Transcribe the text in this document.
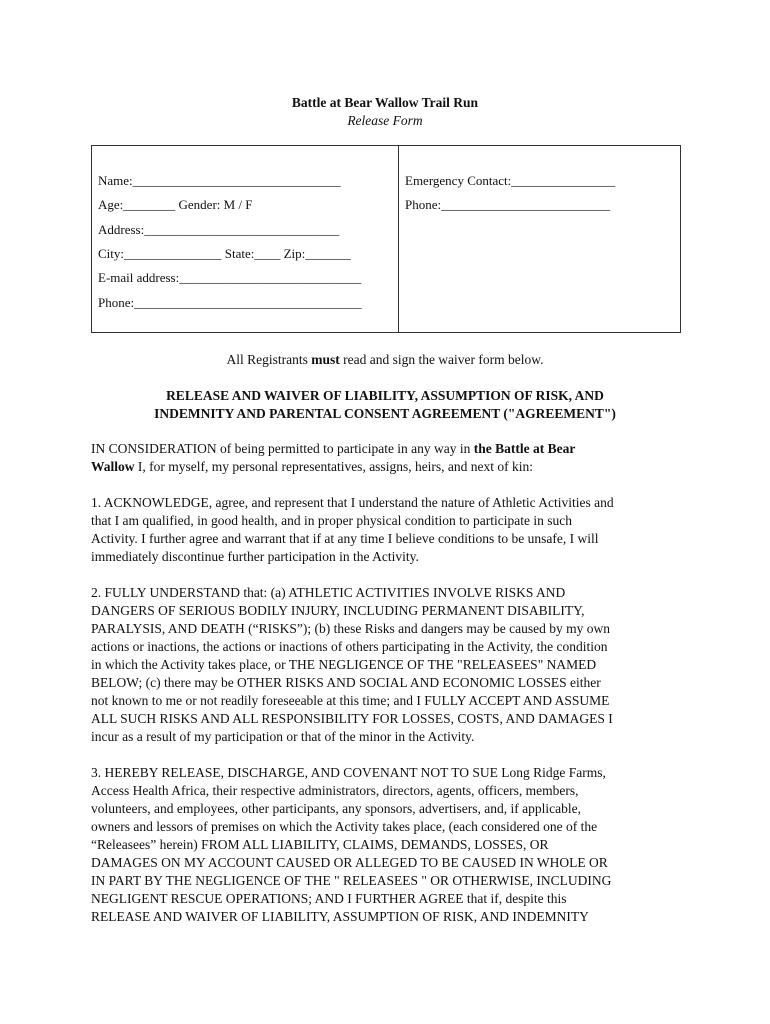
Battle at Bear Wallow Trail Run
Release Form
Name:________________________________
Age:________ Gender: M / F
Address:______________________________
City:_______________ State:____ Zip:_______
E-mail address:____________________________
Phone:___________________________________
Emergency Contact:________________
Phone:__________________________
All Registrants must read and sign the waiver form below.
RELEASE AND WAIVER OF LIABILITY, ASSUMPTION OF RISK, AND
INDEMNITY AND PARENTAL CONSENT AGREEMENT ("AGREEMENT")
IN CONSIDERATION of being permitted to participate in any way in the Battle at Bear
Wallow I, for myself, my personal representatives, assigns, heirs, and next of kin:
1. ACKNOWLEDGE, agree, and represent that I understand the nature of Athletic Activities and
that I am qualified, in good health, and in proper physical condition to participate in such
Activity. I further agree and warrant that if at any time I believe conditions to be unsafe, I will
immediately discontinue further participation in the Activity.
2. FULLY UNDERSTAND that: (a) ATHLETIC ACTIVITIES INVOLVE RISKS AND
DANGERS OF SERIOUS BODILY INJURY, INCLUDING PERMANENT DISABILITY,
PARALYSIS, AND DEATH (“RISKS”); (b) these Risks and dangers may be caused by my own
actions or inactions, the actions or inactions of others participating in the Activity, the condition
in which the Activity takes place, or THE NEGLIGENCE OF THE "RELEASEES" NAMED
BELOW; (c) there may be OTHER RISKS AND SOCIAL AND ECONOMIC LOSSES either
not known to me or not readily foreseeable at this time; and I FULLY ACCEPT AND ASSUME
ALL SUCH RISKS AND ALL RESPONSIBILITY FOR LOSSES, COSTS, AND DAMAGES I
incur as a result of my participation or that of the minor in the Activity.
3. HEREBY RELEASE, DISCHARGE, AND COVENANT NOT TO SUE Long Ridge Farms,
Access Health Africa, their respective administrators, directors, agents, officers, members,
volunteers, and employees, other participants, any sponsors, advertisers, and, if applicable,
owners and lessors of premises on which the Activity takes place, (each considered one of the
“Releasees” herein) FROM ALL LIABILITY, CLAIMS, DEMANDS, LOSSES, OR
DAMAGES ON MY ACCOUNT CAUSED OR ALLEGED TO BE CAUSED IN WHOLE OR
IN PART BY THE NEGLIGENCE OF THE " RELEASEES " OR OTHERWISE, INCLUDING
NEGLIGENT RESCUE OPERATIONS; AND I FURTHER AGREE that if, despite this
RELEASE AND WAIVER OF LIABILITY, ASSUMPTION OF RISK, AND INDEMNITY
